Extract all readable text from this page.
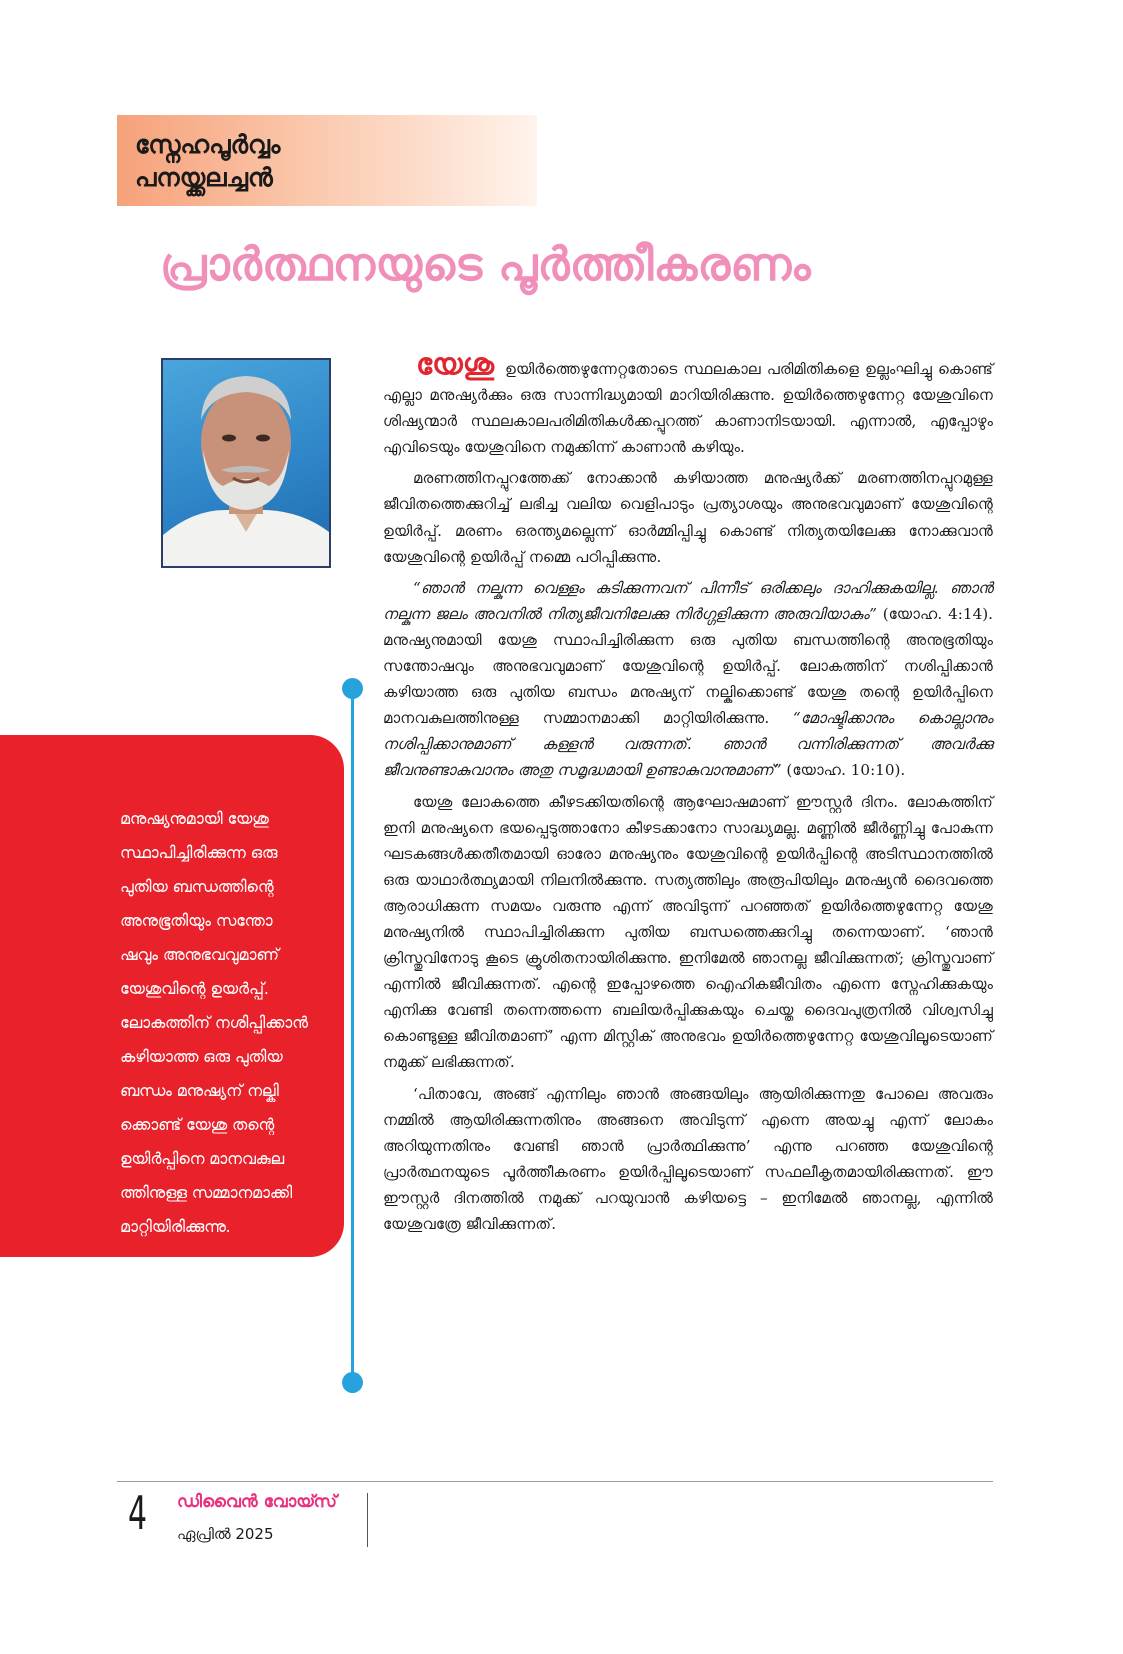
സ്നേഹപൂർവ്വം
പനയ്ക്കലച്ചൻ
പ്രാർത്ഥനയുടെ പൂർത്തീകരണം

യേശു ഉയിർത്തെഴുന്നേറ്റതോടെ സ്ഥലകാല പരിമിതികളെ ഉല്ലംഘിച്ചു കൊണ്ട് എല്ലാ മനുഷ്യർക്കും ഒരു സാന്നിദ്ധ്യമായി മാറിയിരിക്കുന്നു. ഉയിർത്തെഴുന്നേറ്റ യേശുവിനെ ശിഷ്യന്മാർ സ്ഥലകാലപരിമിതികൾക്കപ്പുറത്ത് കാണാനിടയായി. എന്നാൽ, എപ്പോഴും എവിടെയും യേശുവിനെ നമുക്കിന്ന് കാണാൻ കഴിയും.

മരണത്തിനപ്പുറത്തേക്ക് നോക്കാൻ കഴിയാത്ത മനുഷ്യർക്ക് മരണത്തിനപ്പുറമുള്ള ജീവിതത്തെക്കുറിച്ച് ലഭിച്ച വലിയ വെളിപാടും പ്രത്യാശയും അനുഭവവുമാണ് യേശുവിന്റെ ഉയിർപ്പ്. മരണം ഒരന്ത്യമല്ലെന്ന് ഓർമ്മിപ്പിച്ചു കൊണ്ട് നിത്യതയിലേക്കു നോക്കുവാൻ യേശുവിന്റെ ഉയിർപ്പ് നമ്മെ പഠിപ്പിക്കുന്നു.

“ഞാൻ നല്കുന്ന വെള്ളം കുടിക്കുന്നവന് പിന്നീട് ഒരിക്കലും ദാഹിക്കുകയില്ല. ഞാൻ നല്കുന്ന ജലം അവനിൽ നിത്യജീവനിലേക്കു നിർഗ്ഗളിക്കുന്ന അരുവിയാകും” (യോഹ. 4:14). മനുഷ്യനുമായി യേശു സ്ഥാപിച്ചിരിക്കുന്ന ഒരു പുതിയ ബന്ധത്തിന്റെ അനുഭൂതിയും സന്തോഷവും അനുഭവവുമാണ് യേശുവിന്റെ ഉയിർപ്പ്. ലോകത്തിന് നശിപ്പിക്കാൻ കഴിയാത്ത ഒരു പുതിയ ബന്ധം മനുഷ്യന് നല്കിക്കൊണ്ട് യേശു തന്റെ ഉയിർപ്പിനെ മാനവകുലത്തിനുള്ള സമ്മാനമാക്കി മാറ്റിയിരിക്കുന്നു. “മോഷ്ടിക്കാനും കൊല്ലാനും നശിപ്പിക്കാനുമാണ് കള്ളൻ വരുന്നത്. ഞാൻ വന്നിരിക്കുന്നത് അവർക്കു ജീവനുണ്ടാകുവാനും അതു സമൃദ്ധമായി ഉണ്ടാകുവാനുമാണ്” (യോഹ. 10:10).

യേശു ലോകത്തെ കീഴടക്കിയതിന്റെ ആഘോഷമാണ് ഈസ്റ്റർ ദിനം. ലോകത്തിന് ഇനി മനുഷ്യനെ ഭയപ്പെടുത്താനോ കീഴടക്കാനോ സാദ്ധ്യമല്ല. മണ്ണിൽ ജീർണ്ണിച്ചു പോകുന്ന ഘടകങ്ങൾക്കതീതമായി ഓരോ മനുഷ്യനും യേശുവിന്റെ ഉയിർപ്പിന്റെ അടിസ്ഥാനത്തിൽ ഒരു യാഥാർത്ഥ്യമായി നിലനിൽക്കുന്നു. സത്യത്തിലും അരൂപിയിലും മനുഷ്യൻ ദൈവത്തെ ആരാധിക്കുന്ന സമയം വരുന്നു എന്ന് അവിടുന്ന് പറഞ്ഞത് ഉയിർത്തെഴുന്നേറ്റ യേശു മനുഷ്യനിൽ സ്ഥാപിച്ചിരിക്കുന്ന പുതിയ ബന്ധത്തെക്കുറിച്ചു തന്നെയാണ്. ‘ഞാൻ ക്രിസ്തുവിനോടു കൂടെ ക്രൂശിതനായിരിക്കുന്നു. ഇനിമേൽ ഞാനല്ല ജീവിക്കുന്നത്; ക്രിസ്തുവാണ് എന്നിൽ ജീവിക്കുന്നത്. എന്റെ ഇപ്പോഴത്തെ ഐഹികജീവിതം എന്നെ സ്നേഹിക്കുകയും എനിക്കു വേണ്ടി തന്നെത്തന്നെ ബലിയർപ്പിക്കുകയും ചെയ്ത ദൈവപുത്രനിൽ വിശ്വസിച്ചു കൊണ്ടുള്ള ജീവിതമാണ്’ എന്ന മിസ്റ്റിക് അനുഭവം ഉയിർത്തെഴുന്നേറ്റ യേശുവിലൂടെയാണ് നമുക്ക് ലഭിക്കുന്നത്.

‘പിതാവേ, അങ്ങ് എന്നിലും ഞാൻ അങ്ങയിലും ആയിരിക്കുന്നതു പോലെ അവരും നമ്മിൽ ആയിരിക്കുന്നതിനും അങ്ങനെ അവിടുന്ന് എന്നെ അയച്ചു എന്ന് ലോകം അറിയുന്നതിനും വേണ്ടി ഞാൻ പ്രാർത്ഥിക്കുന്നു’ എന്നു പറഞ്ഞ യേശുവിന്റെ പ്രാർത്ഥനയുടെ പൂർത്തീകരണം ഉയിർപ്പിലൂടെയാണ് സഫലീകൃതമായിരിക്കുന്നത്. ഈ ഈസ്റ്റർ ദിനത്തിൽ നമുക്ക് പറയുവാൻ കഴിയട്ടെ – ഇനിമേൽ ഞാനല്ല, എന്നിൽ യേശുവത്രേ ജീവിക്കുന്നത്.

മനുഷ്യനുമായി യേശു
സ്ഥാപിച്ചിരിക്കുന്ന ഒരു
പുതിയ ബന്ധത്തിന്റെ
അനുഭൂതിയും സന്തോ
ഷവും അനുഭവവുമാണ്
യേശുവിന്റെ ഉയർപ്പ്.
ലോകത്തിന് നശിപ്പിക്കാൻ
കഴിയാത്ത ഒരു പുതിയ
ബന്ധം മനുഷ്യന് നല്കി
ക്കൊണ്ട് യേശു തന്റെ
ഉയിർപ്പിനെ മാനവകുല
ത്തിനുള്ള സമ്മാനമാക്കി
മാറ്റിയിരിക്കുന്നു.
4 ഡിവൈൻ വോയ്സ്
ഏപ്രിൽ 2025
